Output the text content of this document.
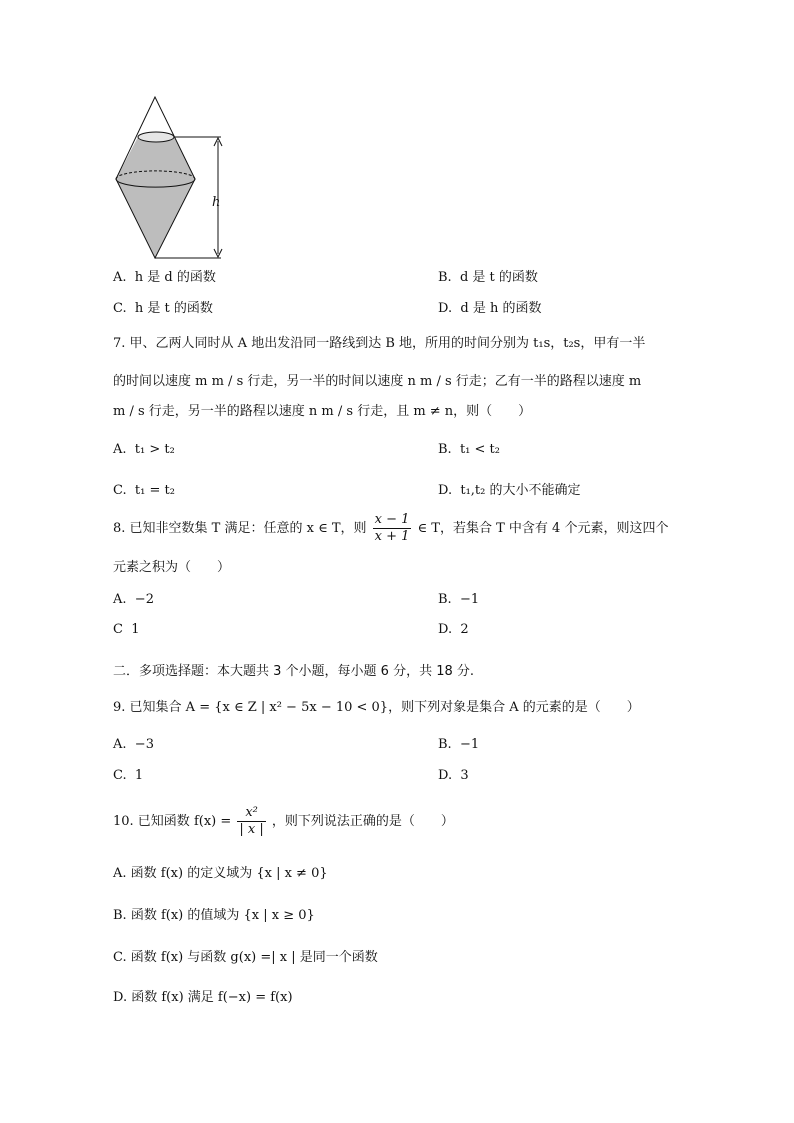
h
A. h 是 d 的函数	B. d 是 t 的函数
C. h 是 t 的函数	D. d 是 h 的函数
7. 甲、乙两人同时从 A 地出发沿同一路线到达 B 地，所用的时间分别为 t₁s，t₂s，甲有一半
的时间以速度 m m / s 行走，另一半的时间以速度 n m / s 行走；乙有一半的路程以速度 m
m / s 行走，另一半的路程以速度 n m / s 行走，且 m ≠ n，则（　　）
A. t₁ > t₂	B. t₁ < t₂
C. t₁ = t₂	D. t₁,t₂ 的大小不能确定
8. 已知非空数集 T 满足：任意的 x ∈ T，则 $\frac{x - 1}{x + 1}$ ∈ T，若集合 T 中含有 4 个元素，则这四个
元素之积为（　　）
A. −2	B. −1
C 1	D. 2
二．多项选择题：本大题共 3 个小题，每小题 6 分，共 18 分.
9. 已知集合 A = {x ∈ Z | x² − 5x − 10 < 0}，则下列对象是集合 A 的元素的是（　　）
A. −3	B. −1
C. 1	D. 3
10. 已知函数 $f(x) = \frac{\text{x²}}{| x |}$ ，则下列说法正确的是（　　）
A. 函数 f(x) 的定义域为 {x | x ≠ 0}
B. 函数 f(x) 的值域为 {x | x ≥ 0}
C. 函数 f(x) 与函数 g(x) =| x | 是同一个函数
D. 函数 f(x) 满足 f(−x) = f(x)
